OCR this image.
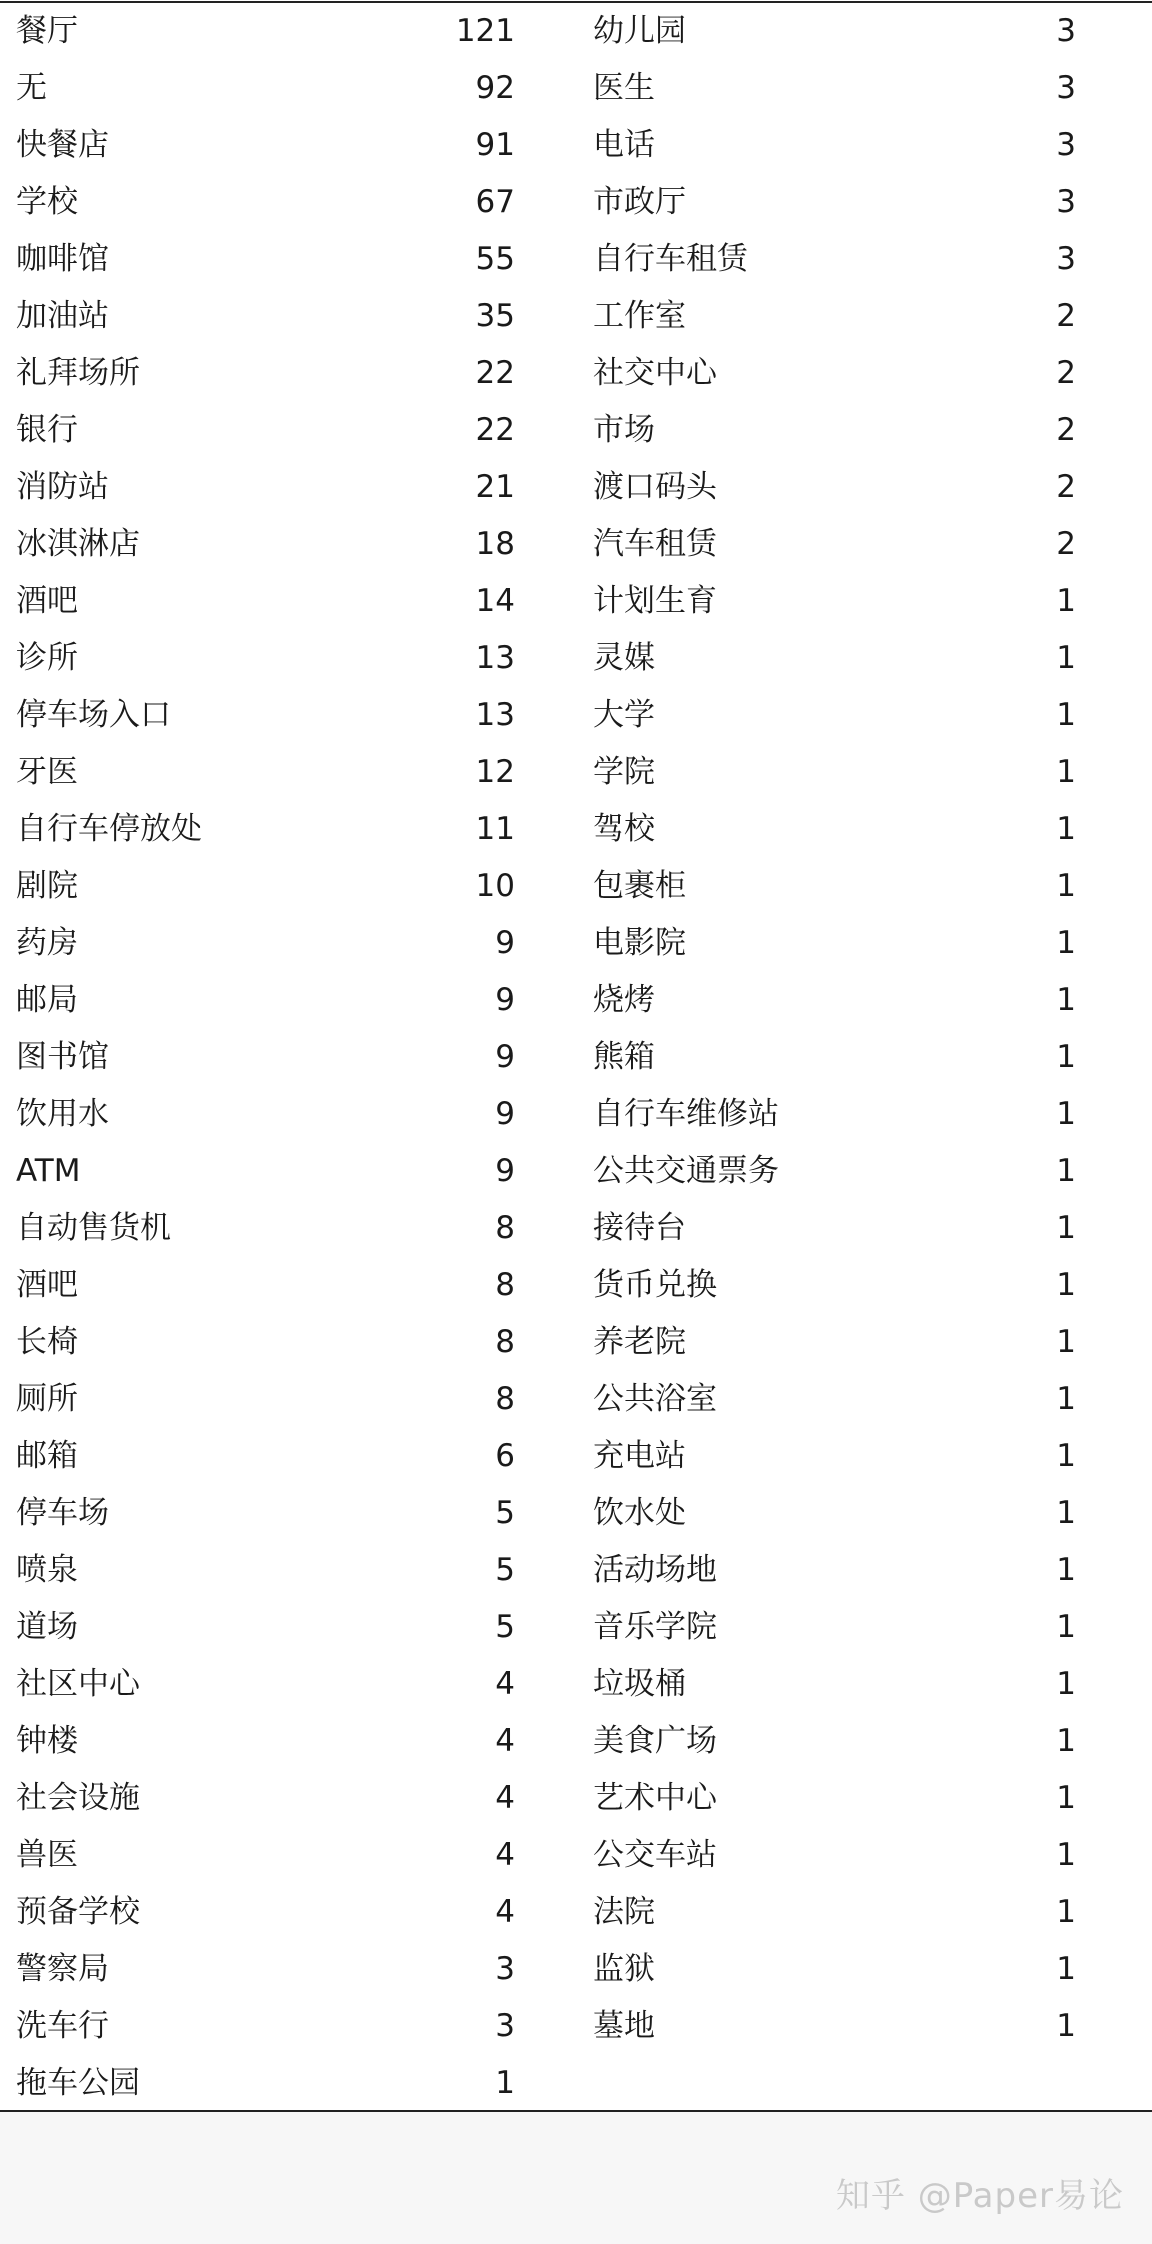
餐厅	121	幼儿园	3
无	92	医生	3
快餐店	91	电话	3
学校	67	市政厅	3
咖啡馆	55	自行车租赁	3
加油站	35	工作室	2
礼拜场所	22	社交中心	2
银行	22	市场	2
消防站	21	渡口码头	2
冰淇淋店	18	汽车租赁	2
酒吧	14	计划生育	1
诊所	13	灵媒	1
停车场入口	13	大学	1
牙医	12	学院	1
自行车停放处	11	驾校	1
剧院	10	包裹柜	1
药房	9	电影院	1
邮局	9	烧烤	1
图书馆	9	熊箱	1
饮用水	9	自行车维修站	1
ATM	9	公共交通票务	1
自动售货机	8	接待台	1
酒吧	8	货币兑换	1
长椅	8	养老院	1
厕所	8	公共浴室	1
邮箱	6	充电站	1
停车场	5	饮水处	1
喷泉	5	活动场地	1
道场	5	音乐学院	1
社区中心	4	垃圾桶	1
钟楼	4	美食广场	1
社会设施	4	艺术中心	1
兽医	4	公交车站	1
预备学校	4	法院	1
警察局	3	监狱	1
洗车行	3	墓地	1
拖车公园	1
知乎 @Paper易论
